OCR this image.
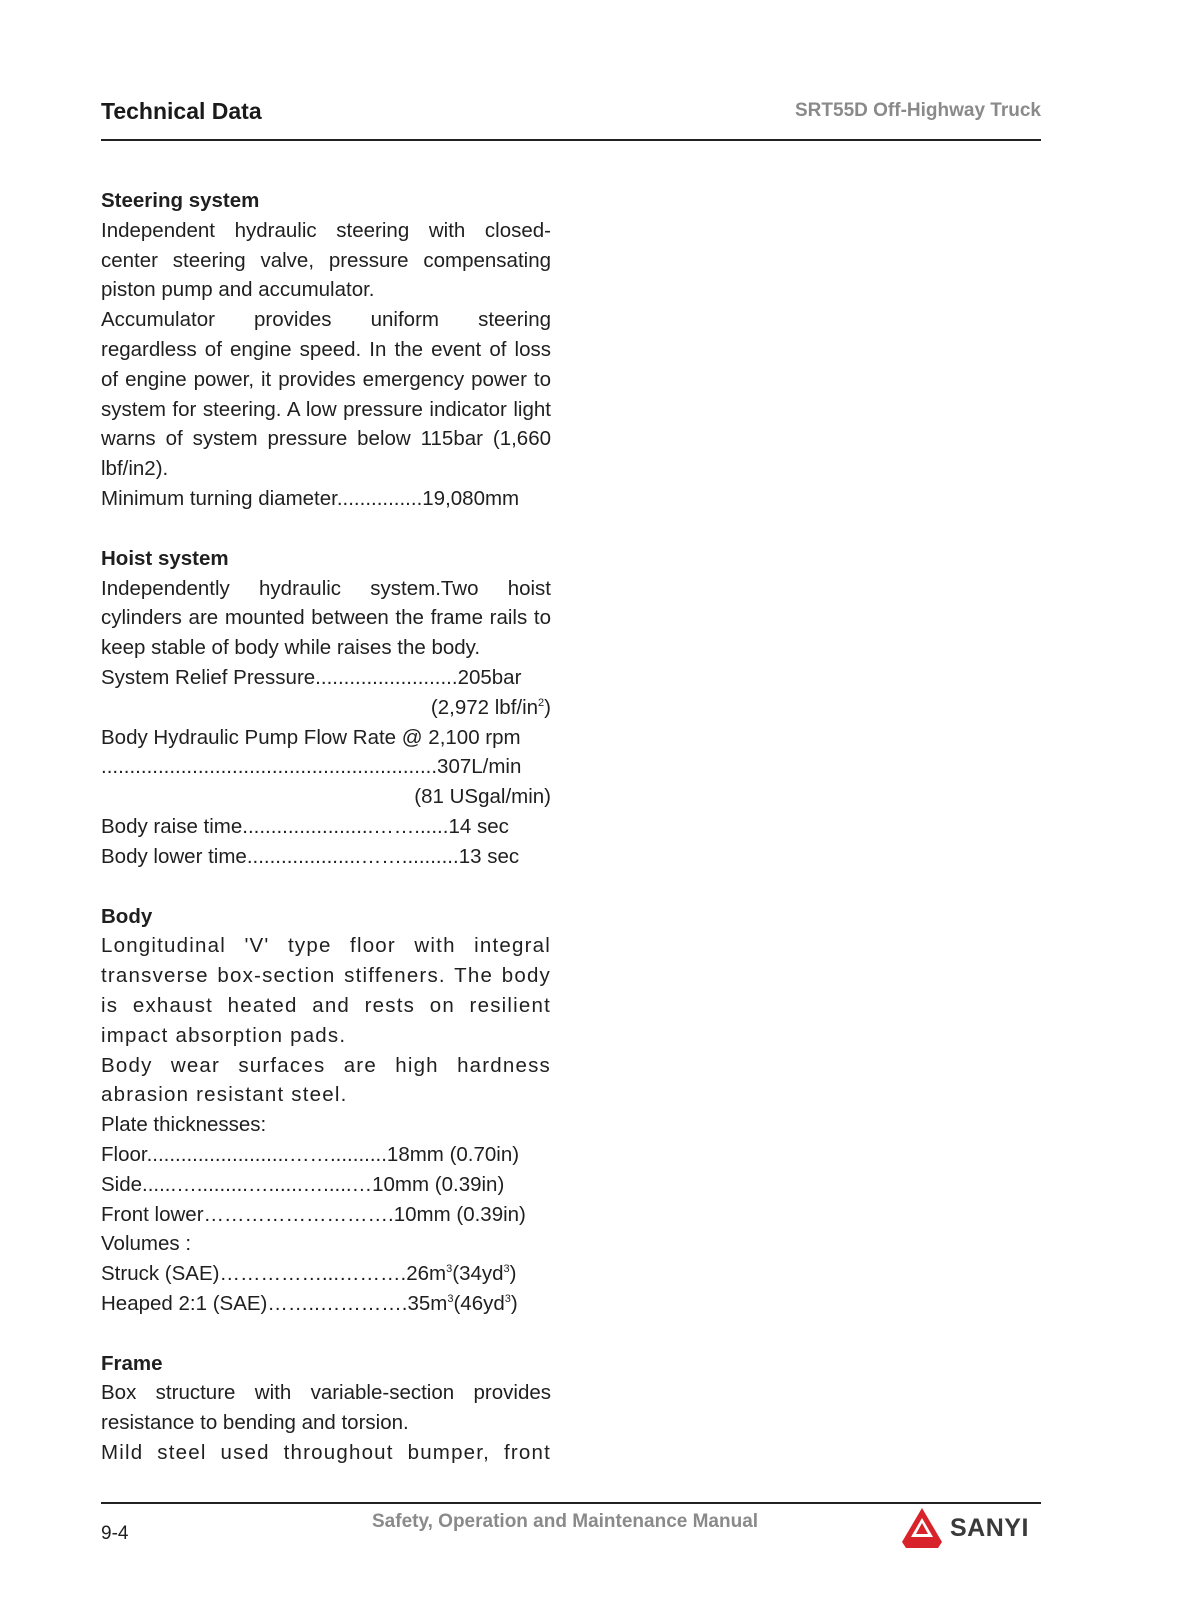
Technical Data	SRT55D Off-Highway Truck
Steering system

Independent hydraulic steering with closed-center steering valve, pressure compensating piston pump and accumulator.

Accumulator provides uniform steering regardless of engine speed. In the event of loss of engine power, it provides emergency power to system for steering. A low pressure indicator light warns of system pressure below 115bar (1,660 lbf/in2).

Minimum turning diameter...............19,080mm

Hoist system

Independently hydraulic system.Two hoist cylinders are mounted between the frame rails to keep stable of body while raises the body.

System Relief Pressure.........................205bar

(2,972 lbf/$in^2$)

Body Hydraulic Pump Flow Rate @ 2,100 rpm

...........................................................307L/min

(81 USgal/min)

Body raise time.......................……......14 sec

Body lower time....................……..........13 sec

Body

Longitudinal 'V' type floor with integral transverse box-section stiffeners. The body is exhaust heated and rests on resilient impact absorption pads.

Body wear surfaces are high hardness abrasion resistant steel.

Plate thicknesses:

Floor.........................……..........18mm (0.70in)

Side......….........…......….....…10mm (0.39in)

Front lower……………………….10mm (0.39in)

Volumes :

Struck $(SAE)\dots\dots\dots\dots\dots...\dots\dots\dots.26m^3(34yd^3)$

Heaped 2:1 $(SAE)\dots\dots..\dots\dots\dots\dots.35m^3(46yd^3)$

Frame

Box structure with variable-section provides resistance to bending and torsion.

Mild steel used throughout bumper, front

9-4
Safety, Operation and Maintenance Manual	SANYI
